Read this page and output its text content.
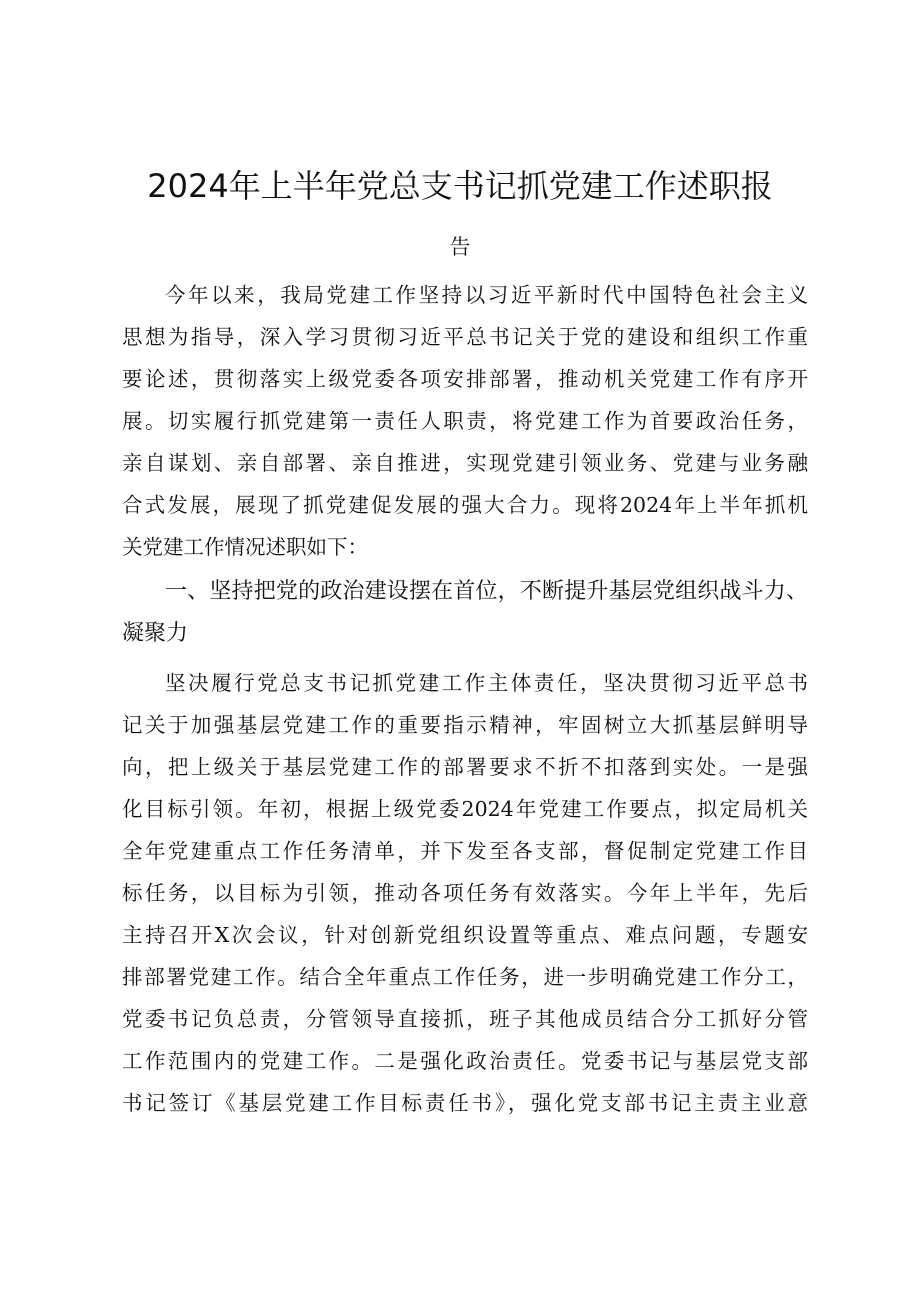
2024年上半年党总支书记抓党建工作述职报
告
今年以来，我局党建工作坚持以习近平新时代中国特色社会主义
思想为指导，深入学习贯彻习近平总书记关于党的建设和组织工作重
要论述，贯彻落实上级党委各项安排部署，推动机关党建工作有序开
展。切实履行抓党建第一责任人职责，将党建工作为首要政治任务，
亲自谋划、亲自部署、亲自推进，实现党建引领业务、党建与业务融
合式发展，展现了抓党建促发展的强大合力。现将2024年上半年抓机
关党建工作情况述职如下：
一、坚持把党的政治建设摆在首位，不断提升基层党组织战斗力、
凝聚力
坚决履行党总支书记抓党建工作主体责任，坚决贯彻习近平总书
记关于加强基层党建工作的重要指示精神，牢固树立大抓基层鲜明导
向，把上级关于基层党建工作的部署要求不折不扣落到实处。一是强
化目标引领。年初，根据上级党委2024年党建工作要点，拟定局机关
全年党建重点工作任务清单，并下发至各支部，督促制定党建工作目
标任务，以目标为引领，推动各项任务有效落实。今年上半年，先后
主持召开X次会议，针对创新党组织设置等重点、难点问题，专题安
排部署党建工作。结合全年重点工作任务，进一步明确党建工作分工，
党委书记负总责，分管领导直接抓，班子其他成员结合分工抓好分管
工作范围内的党建工作。二是强化政治责任。党委书记与基层党支部
书记签订《基层党建工作目标责任书》，强化党支部书记主责主业意
